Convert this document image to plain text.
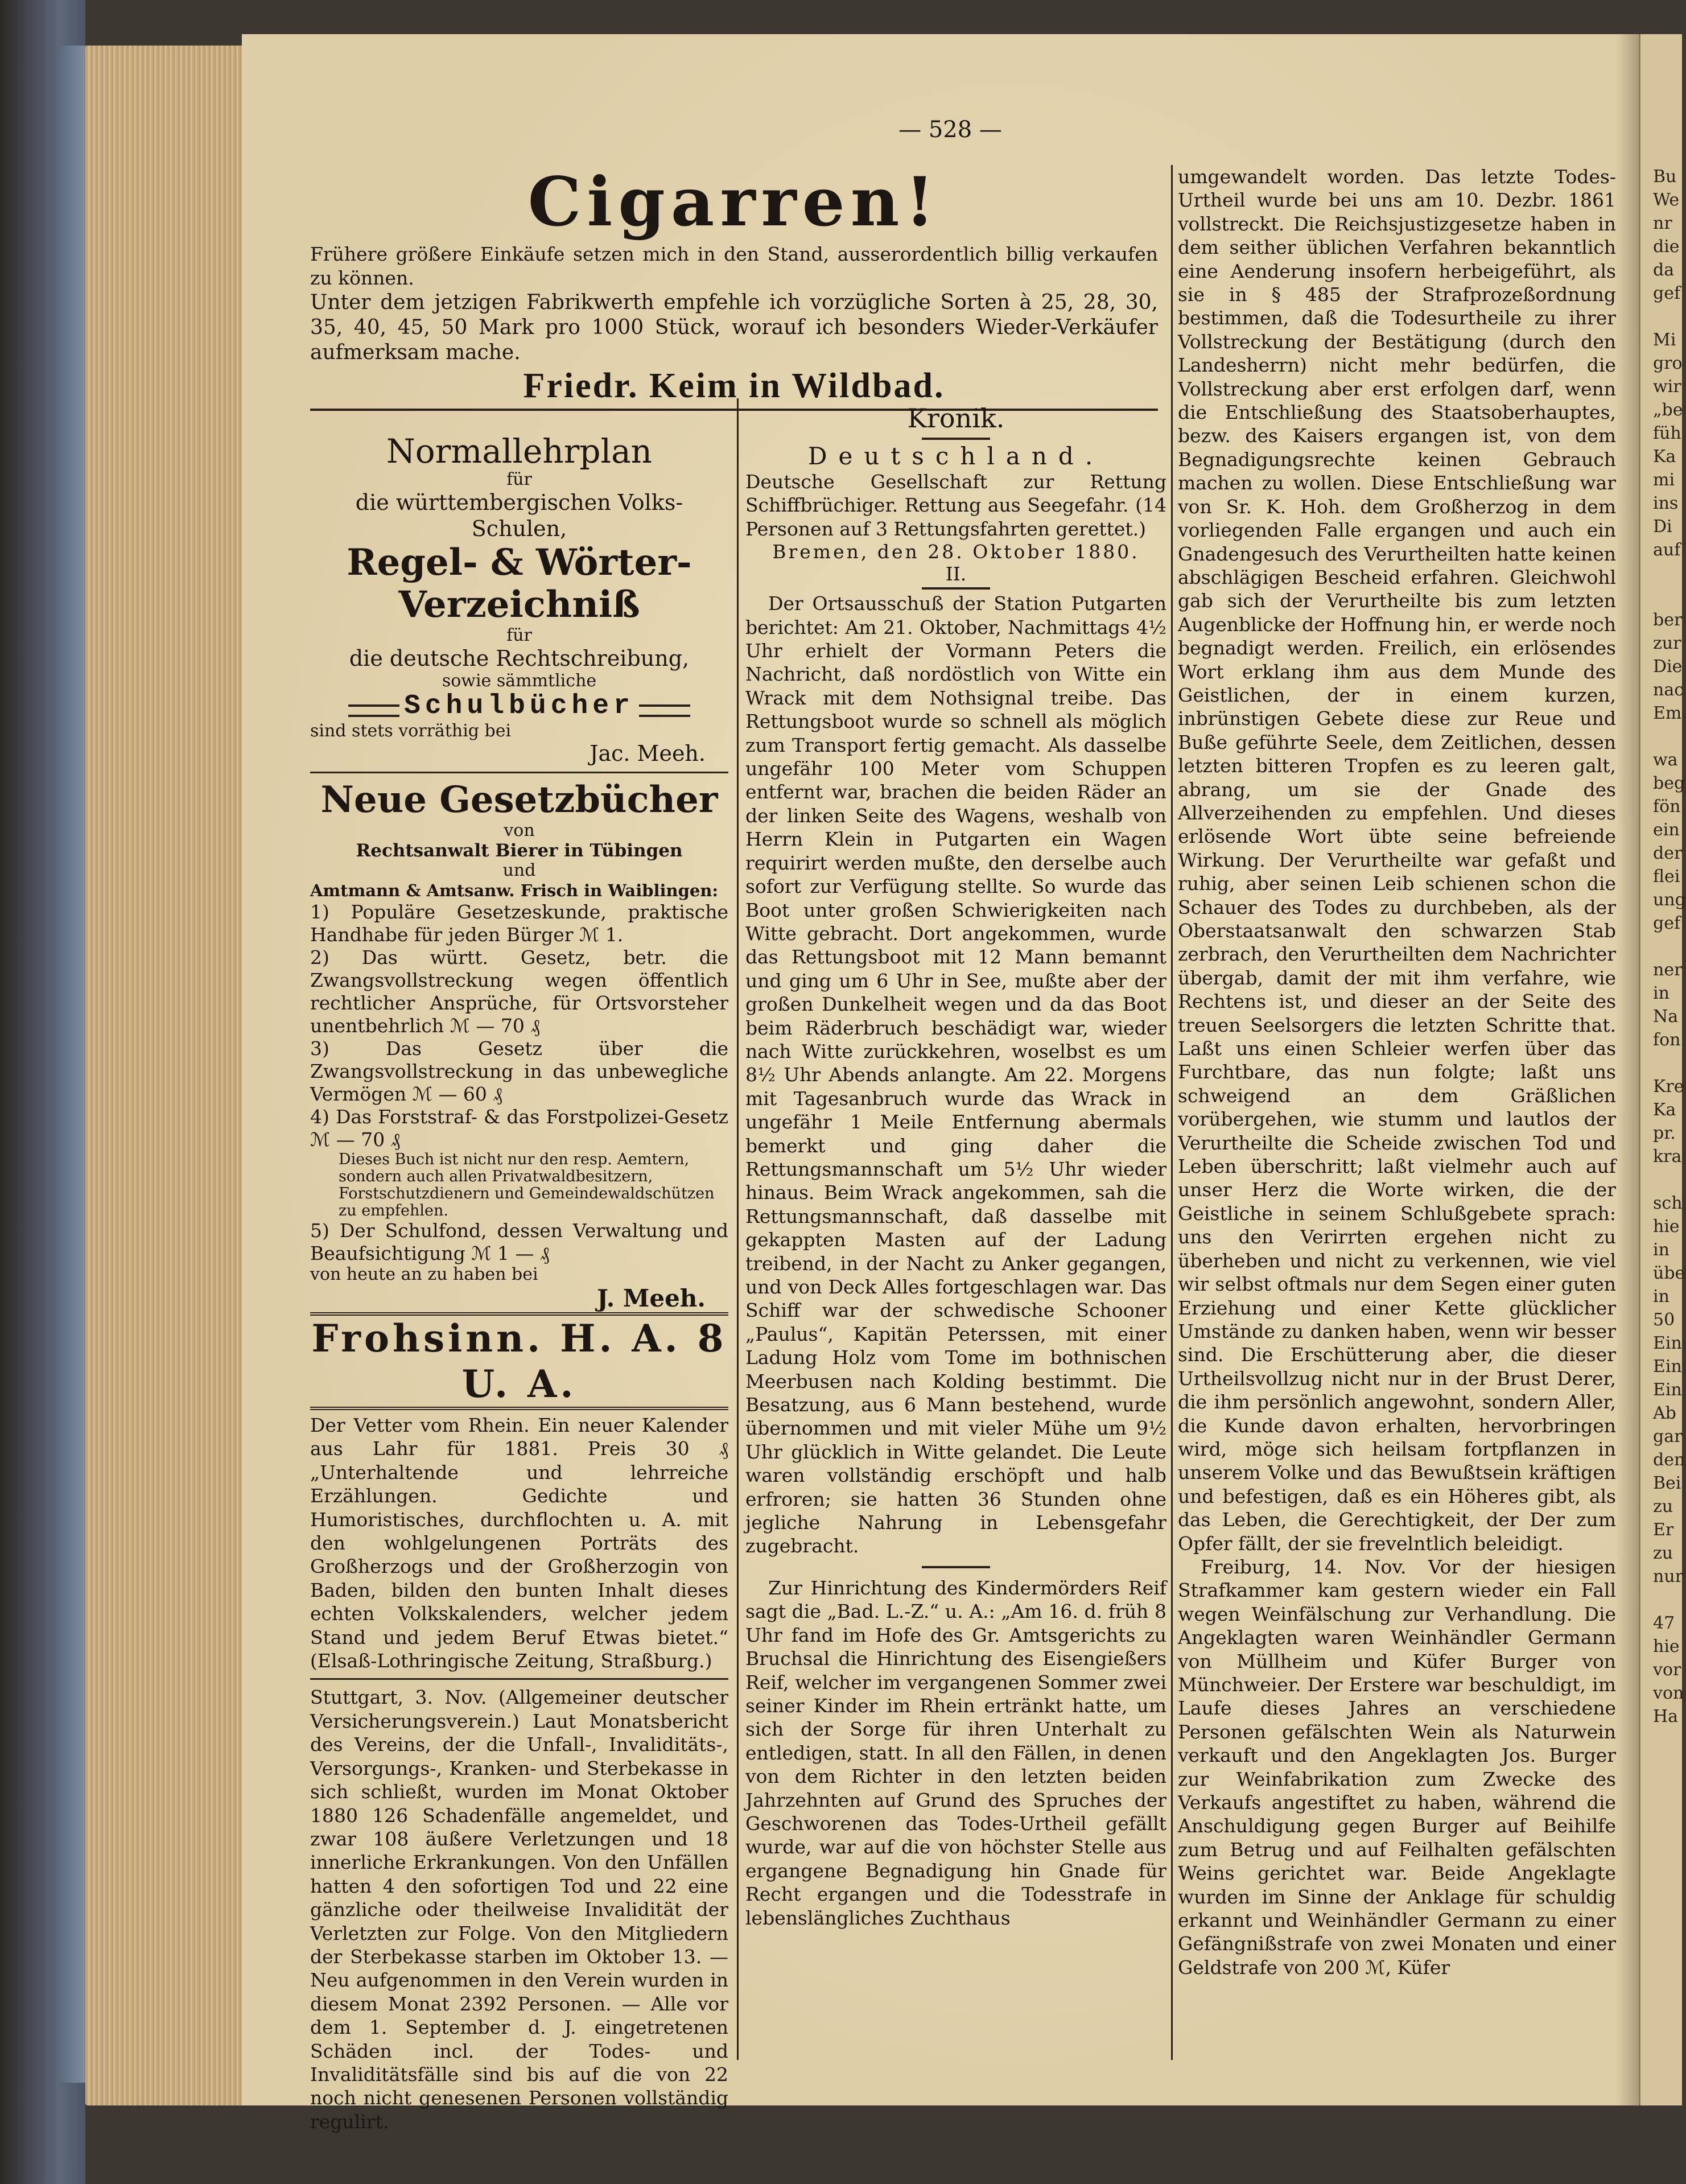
— 528 —
Cigarren!

Frühere größere Einkäufe setzen mich in den Stand, ausserordentlich billig verkaufen zu können.

Unter dem jetzigen Fabrikwerth empfehle ich vorzügliche Sorten à 25, 28, 30, 35, 40, 45, 50 Mark pro 1000 Stück, worauf ich besonders Wieder-Verkäufer aufmerksam mache.

Friedr. Keim in Wildbad.
Normallehrplan
für
die württembergischen Volks-Schulen,
Regel- & Wörter-Verzeichniß
für
die deutsche Rechtschreibung,
sowie sämmtliche
Schulbücher
sind stets vorräthig bei
Jac. Meeh.
Neue Gesetzbücher
von
Rechtsanwalt Bierer in Tübingen
und
Amtmann & Amtsanw. Frisch in Waiblingen:

1) Populäre Gesetzeskunde, praktische Handhabe für jeden Bürger ℳ 1.

2) Das württ. Gesetz, betr. die Zwangsvollstreckung wegen öffentlich rechtlicher Ansprüche, für Ortsvorsteher unentbehrlich ℳ — 70 ₰

3) Das Gesetz über die Zwangsvollstreckung in das unbewegliche Vermögen ℳ — 60 ₰

4) Das Forststraf- & das Forstpolizei-Gesetz ℳ — 70 ₰

Dieses Buch ist nicht nur den resp. Aemtern, sondern auch allen Privatwaldbesitzern, Forstschutzdienern und Gemeindewaldschützen zu empfehlen.

5) Der Schulfond, dessen Verwaltung und Beaufsichtigung ℳ 1 — ₰

von heute an zu haben bei
J. Meeh.
Frohsinn. H. A. 8 U. A.

Der Vetter vom Rhein. Ein neuer Kalender aus Lahr für 1881. Preis 30 ₰ „Unterhaltende und lehrreiche Erzählungen. Gedichte und Humoristisches, durchflochten u. A. mit den wohlgelungenen Porträts des Großherzogs und der Großherzogin von Baden, bilden den bunten Inhalt dieses echten Volkskalenders, welcher jedem Stand und jedem Beruf Etwas bietet.“ (Elsaß-Lothringische Zeitung, Straßburg.)

Stuttgart, 3. Nov. (Allgemeiner deutscher Versicherungsverein.) Laut Monatsbericht des Vereins, der die Unfall-, Invaliditäts-, Versorgungs-, Kranken- und Sterbekasse in sich schließt, wurden im Monat Oktober 1880 126 Schadenfälle angemeldet, und zwar 108 äußere Verletzungen und 18 innerliche Erkrankungen. Von den Unfällen hatten 4 den sofortigen Tod und 22 eine gänzliche oder theilweise Invalidität der Verletzten zur Folge. Von den Mitgliedern der Sterbekasse starben im Oktober 13. — Neu aufgenommen in den Verein wurden in diesem Monat 2392 Personen. — Alle vor dem 1. September d. J. eingetretenen Schäden incl. der Todes- und Invaliditätsfälle sind bis auf die von 22 noch nicht genesenen Personen vollständig regulirt.

Kronik.
Deutschland.

Deutsche Gesellschaft zur Rettung Schiffbrüchiger. Rettung aus Seegefahr. (14 Personen auf 3 Rettungsfahrten gerettet.)

Bremen, den 28. Oktober 1880.
II.

Der Ortsausschuß der Station Putgarten berichtet: Am 21. Oktober, Nachmittags 4½ Uhr erhielt der Vormann Peters die Nachricht, daß nordöstlich von Witte ein Wrack mit dem Nothsignal treibe. Das Rettungsboot wurde so schnell als möglich zum Transport fertig gemacht. Als dasselbe ungefähr 100 Meter vom Schuppen entfernt war, brachen die beiden Räder an der linken Seite des Wagens, weshalb von Herrn Klein in Putgarten ein Wagen requirirt werden mußte, den derselbe auch sofort zur Verfügung stellte. So wurde das Boot unter großen Schwierigkeiten nach Witte gebracht. Dort angekommen, wurde das Rettungsboot mit 12 Mann bemannt und ging um 6 Uhr in See, mußte aber der großen Dunkelheit wegen und da das Boot beim Räderbruch beschädigt war, wieder nach Witte zurückkehren, woselbst es um 8½ Uhr Abends anlangte. Am 22. Morgens mit Tagesanbruch wurde das Wrack in ungefähr 1 Meile Entfernung abermals bemerkt und ging daher die Rettungsmannschaft um 5½ Uhr wieder hinaus. Beim Wrack angekommen, sah die Rettungsmannschaft, daß dasselbe mit gekappten Masten auf der Ladung treibend, in der Nacht zu Anker gegangen, und von Deck Alles fortgeschlagen war. Das Schiff war der schwedische Schooner „Paulus“, Kapitän Peterssen, mit einer Ladung Holz vom Tome im bothnischen Meerbusen nach Kolding bestimmt. Die Besatzung, aus 6 Mann bestehend, wurde übernommen und mit vieler Mühe um 9½ Uhr glücklich in Witte gelandet. Die Leute waren vollständig erschöpft und halb erfroren; sie hatten 36 Stunden ohne jegliche Nahrung in Lebensgefahr zugebracht.

Zur Hinrichtung des Kindermörders Reif sagt die „Bad. L.-Z.“ u. A.: „Am 16. d. früh 8 Uhr fand im Hofe des Gr. Amtsgerichts zu Bruchsal die Hinrichtung des Eisengießers Reif, welcher im vergangenen Sommer zwei seiner Kinder im Rhein ertränkt hatte, um sich der Sorge für ihren Unterhalt zu entledigen, statt. In all den Fällen, in denen von dem Richter in den letzten beiden Jahrzehnten auf Grund des Spruches der Geschworenen das Todes-Urtheil gefällt wurde, war auf die von höchster Stelle aus ergangene Begnadigung hin Gnade für Recht ergangen und die Todesstrafe in lebenslängliches Zuchthaus

umgewandelt worden. Das letzte Todes-Urtheil wurde bei uns am 10. Dezbr. 1861 vollstreckt. Die Reichsjustizgesetze haben in dem seither üblichen Verfahren bekanntlich eine Aenderung insofern herbeigeführt, als sie in § 485 der Strafprozeßordnung bestimmen, daß die Todesurtheile zu ihrer Vollstreckung der Bestätigung (durch den Landesherrn) nicht mehr bedürfen, die Vollstreckung aber erst erfolgen darf, wenn die Entschließung des Staatsoberhauptes, bezw. des Kaisers ergangen ist, von dem Begnadigungsrechte keinen Gebrauch machen zu wollen. Diese Entschließung war von Sr. K. Hoh. dem Großherzog in dem vorliegenden Falle ergangen und auch ein Gnadengesuch des Verurtheilten hatte keinen abschlägigen Bescheid erfahren. Gleichwohl gab sich der Verurtheilte bis zum letzten Augenblicke der Hoffnung hin, er werde noch begnadigt werden. Freilich, ein erlösendes Wort erklang ihm aus dem Munde des Geistlichen, der in einem kurzen, inbrünstigen Gebete diese zur Reue und Buße geführte Seele, dem Zeitlichen, dessen letzten bitteren Tropfen es zu leeren galt, abrang, um sie der Gnade des Allverzeihenden zu empfehlen. Und dieses erlösende Wort übte seine befreiende Wirkung. Der Verurtheilte war gefaßt und ruhig, aber seinen Leib schienen schon die Schauer des Todes zu durchbeben, als der Oberstaatsanwalt den schwarzen Stab zerbrach, den Verurtheilten dem Nachrichter übergab, damit der mit ihm verfahre, wie Rechtens ist, und dieser an der Seite des treuen Seelsorgers die letzten Schritte that. Laßt uns einen Schleier werfen über das Furchtbare, das nun folgte; laßt uns schweigend an dem Gräßlichen vorübergehen, wie stumm und lautlos der Verurtheilte die Scheide zwischen Tod und Leben überschritt; laßt vielmehr auch auf unser Herz die Worte wirken, die der Geistliche in seinem Schlußgebete sprach: uns den Verirrten ergehen nicht zu überheben und nicht zu verkennen, wie viel wir selbst oftmals nur dem Segen einer guten Erziehung und einer Kette glücklicher Umstände zu danken haben, wenn wir besser sind. Die Erschütterung aber, die dieser Urtheilsvollzug nicht nur in der Brust Derer, die ihm persönlich angewohnt, sondern Aller, die Kunde davon erhalten, hervorbringen wird, möge sich heilsam fortpflanzen in unserem Volke und das Bewußtsein kräftigen und befestigen, daß es ein Höheres gibt, als das Leben, die Gerechtigkeit, der Der zum Opfer fällt, der sie frevelntlich beleidigt.

Freiburg, 14. Nov. Vor der hiesigen Strafkammer kam gestern wieder ein Fall wegen Weinfälschung zur Verhandlung. Die Angeklagten waren Weinhändler Germann von Müllheim und Küfer Burger von Münchweier. Der Erstere war beschuldigt, im Laufe dieses Jahres an verschiedene Personen gefälschten Wein als Naturwein verkauft und den Angeklagten Jos. Burger zur Weinfabrikation zum Zwecke des Verkaufs angestiftet zu haben, während die Anschuldigung gegen Burger auf Beihilfe zum Betrug und auf Feilhalten gefälschten Weins gerichtet war. Beide Angeklagte wurden im Sinne der Anklage für schuldig erkannt und Weinhändler Germann zu einer Gefängnißstrafe von zwei Monaten und einer Geldstrafe von 200 ℳ, Küfer

Bu
We
nr
die
da
gef

Mi
gro
wir
„be
füh
Ka
mi
ins
Di
auf

ber
zur
Die
nac
Em

wa
beg
fön
ein
der
flei
ung
gef

ner
in
Na
fon

Kre
Ka
pr.
kra

sch
hie
in
übe
in
50
Ein
Ein
Ein
Ab
gar
den
Bei
zu
Er
zu
nur

47
hie
vor
von
Ha
